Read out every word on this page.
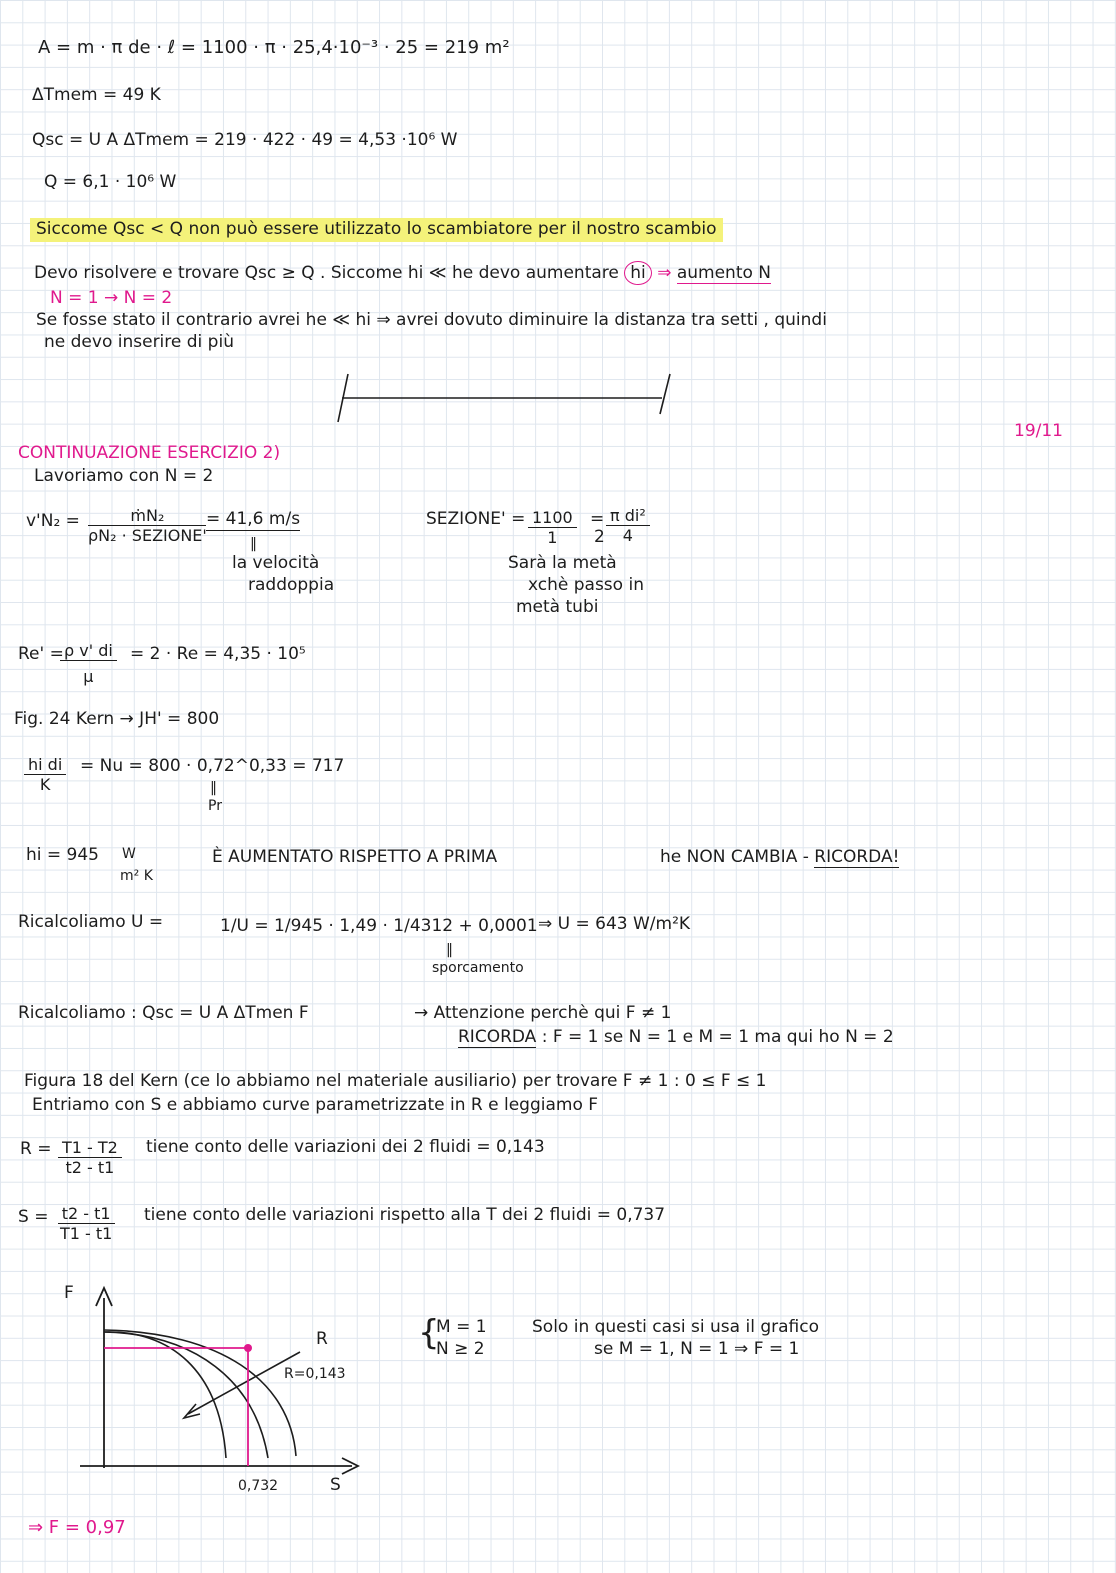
A = m · π de · ℓ = 1100 · π · 25,4·10⁻³ · 25 = 219 m²
ΔTmem = 49 K
Qsc = U A ΔTmem = 219 · 422 · 49 = 4,53 ·10⁶ W
Q = 6,1 · 10⁶ W
Siccome Qsc < Q non può essere utilizzato lo scambiatore per il nostro scambio
Devo risolvere e trovare Qsc ≥ Q . Siccome hi ≪ he devo aumentare hi ⇒ aumento N
N = 1 → N = 2
Se fosse stato il contrario avrei he ≪ hi ⇒ avrei dovuto diminuire la distanza tra setti , quindi
ne devo inserire di più
19/11
CONTINUAZIONE ESERCIZIO 2)
Lavoriamo con N = 2
v'N₂ =	ṁN₂
ρN₂ · SEZIONE'
= 41,6 m/s
‖
la velocità
raddoppia
SEZIONE' = $\frac{1100}{1} 2$
= $\frac{\text{π di²}}{4}$
Sarà la metà
xchè passo in
metà tubi
Re' =
$\frac{\text{ρ v' di}}{\mu} = 2 \cdot Re = 4,35 \cdot 10^5$
Fig. 24 Kern → JH' = 800
$\frac{\text{hi di}}{K} = Nu = 800$ · 0,72^0,33 = 717
‖
Pr
hi = 945 W
m² K
È AUMENTATO RISPETTO A PRIMA	he NON CAMBIA - RICORDA!
Ricalcoliamo U =	1/U = 1/945 · 1,49 · 1/4312 + 0,0001
‖
sporcamento
⇒ U = 643 W/m²K
Ricalcoliamo : Qsc = U A ΔTmen F	→ Attenzione perchè qui F ≠ 1
RICORDA : F = 1 se N = 1 e M = 1 ma qui ho N = 2
Figura 18 del Kern (ce lo abbiamo nel materiale ausiliario) per trovare F ≠ 1 : 0 ≤ F ≤ 1
Entriamo con S e abbiamo curve parametrizzate in R e leggiamo F
$R = \frac{T1 - T2}{t2 - t1}$ tiene conto delle variazioni dei 2 fluidi = 0,143
$S = \frac{t2 - t1}{T1 - t1}$ tiene conto delle variazioni rispetto alla T dei 2 fluidi = 0,737
F
S
R
R=0,143
0,732
{
M = 1
N ≥ 2
Solo in questi casi si usa il grafico
se M = 1, N = 1 ⇒ F = 1
⇒ F = 0,97
